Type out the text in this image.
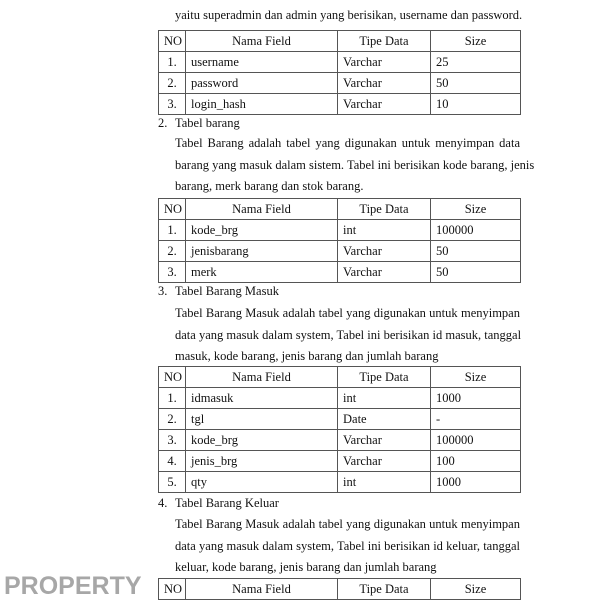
yaitu superadmin dan admin yang berisikan, username dan password.
NO	Nama Field	Tipe Data	Size
1.	username	Varchar	25
2.	password	Varchar	50
3.	login_hash	Varchar	10
2. Tabel barang
Tabel Barang adalah tabel yang digunakan untuk menyimpan data
barang yang masuk dalam sistem. Tabel ini berisikan kode barang, jenis
barang, merk barang dan stok barang.
NO	Nama Field	Tipe Data	Size
1.	kode_brg	int	100000
2.	jenisbarang	Varchar	50
3.	merk	Varchar	50
3. Tabel Barang Masuk
Tabel Barang Masuk adalah tabel yang digunakan untuk menyimpan
data yang masuk dalam system, Tabel ini berisikan id masuk, tanggal
masuk, kode barang, jenis barang dan jumlah barang
NO	Nama Field	Tipe Data	Size
1.	idmasuk	int	1000
2.	tgl	Date	-
3.	kode_brg	Varchar	100000
4.	jenis_brg	Varchar	100
5.	qty	int	1000
4. Tabel Barang Keluar
Tabel Barang Masuk adalah tabel yang digunakan untuk menyimpan
data yang masuk dalam system, Tabel ini berisikan id keluar, tanggal
keluar, kode barang, jenis barang dan jumlah barang
NO	Nama Field	Tipe Data	Size
PROPERTY
